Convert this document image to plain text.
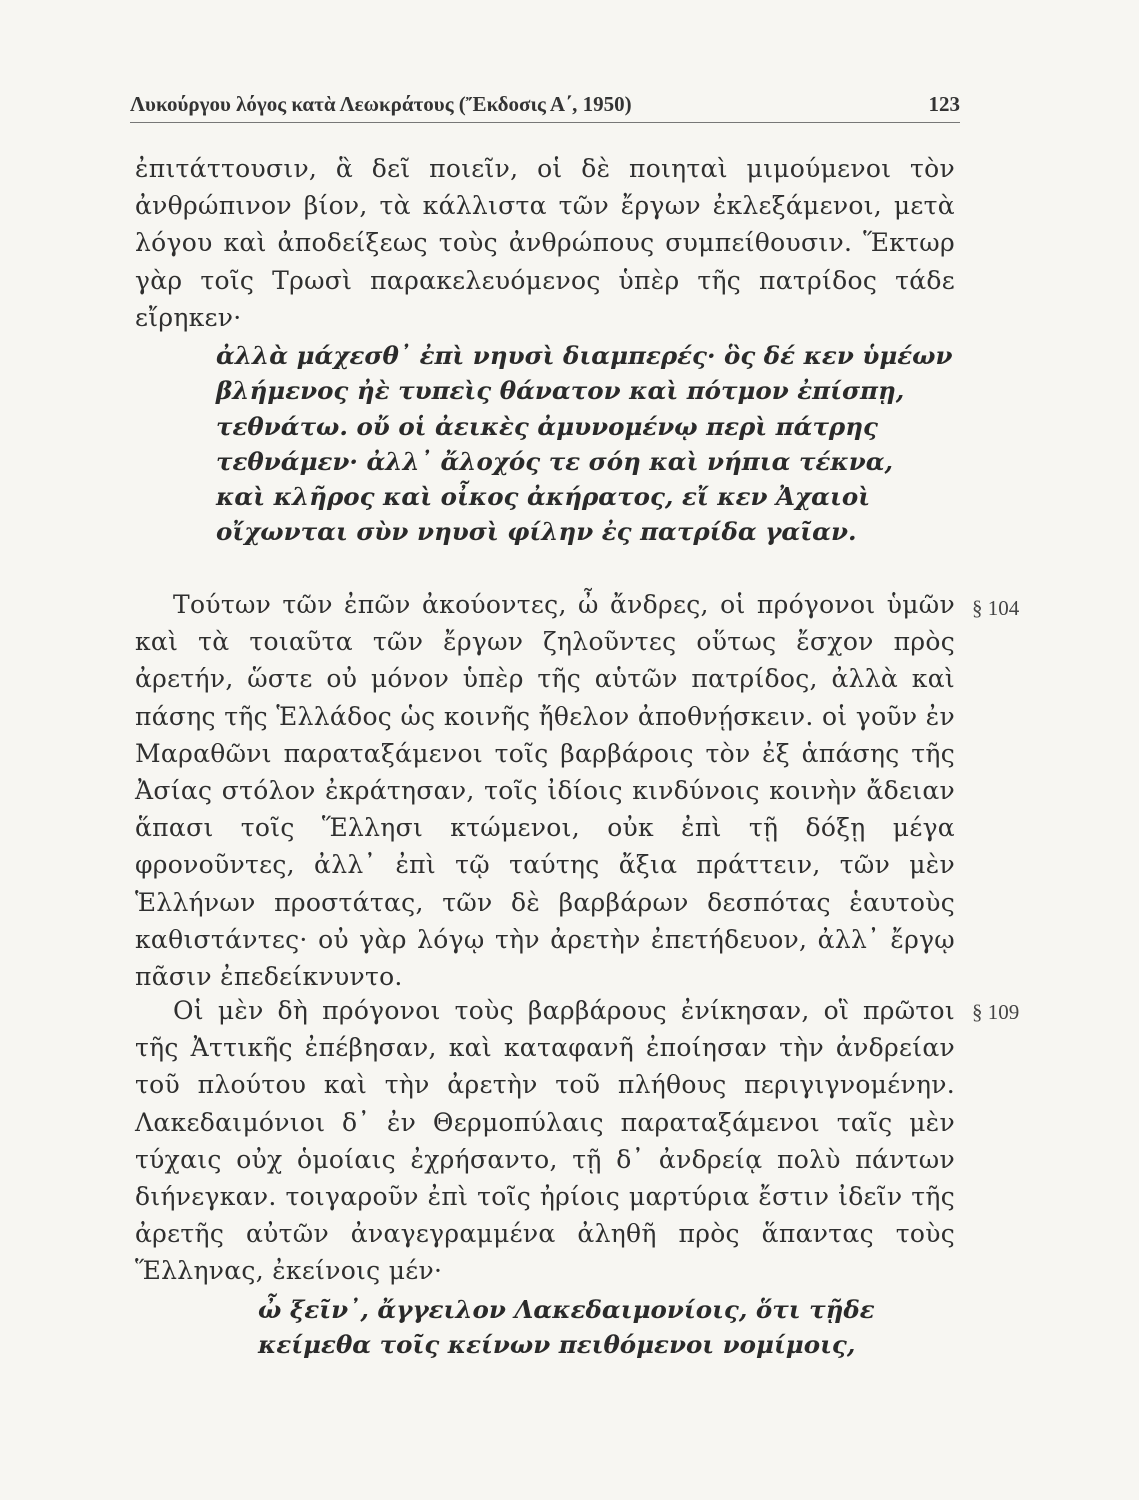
Λυκούργου λόγος κατὰ Λεωκράτους (Ἔκδοσις Α΄, 1950)	123
ἐπιτάττουσιν, ἃ δεῖ ποιεῖν, οἱ δὲ ποιηταὶ μιμούμενοι τὸν ἀνθρώπινον βίον, τὰ κάλλιστα τῶν ἔργων ἐκλεξάμενοι, μετὰ λόγου καὶ ἀποδείξεως τοὺς ἀνθρώπους συμπείθουσιν. Ἕκτωρ γὰρ τοῖς Τρωσὶ παρακελευόμενος ὑπὲρ τῆς πατρίδος τάδε εἴρηκεν·
ἀλλὰ μάχεσθ᾽ ἐπὶ νηυσὶ διαμπερές· ὃς δέ κεν ὑμέων
βλήμενος ἠὲ τυπεὶς θάνατον καὶ πότμον ἐπίσπῃ,
τεθνάτω. οὔ οἱ ἀεικὲς ἀμυνομένῳ περὶ πάτρης
τεθνάμεν· ἀλλ᾽ ἄλοχός τε σόη καὶ νήπια τέκνα,
καὶ κλῆρος καὶ οἶκος ἀκήρατος, εἴ κεν Ἀχαιοὶ
οἴχωνται σὺν νηυσὶ φίλην ἐς πατρίδα γαῖαν.
Τούτων τῶν ἐπῶν ἀκούοντες, ὦ ἄνδρες, οἱ πρόγονοι ὑμῶν καὶ τὰ τοιαῦτα τῶν ἔργων ζηλοῦντες οὕτως ἔσχον πρὸς ἀρετήν, ὥστε οὐ μόνον ὑπὲρ τῆς αὑτῶν πατρίδος, ἀλλὰ καὶ πάσης τῆς Ἑλλάδος ὡς κοινῆς ἤθελον ἀποθνῄσκειν. οἱ γοῦν ἐν Μαραθῶνι παραταξάμενοι τοῖς βαρβάροις τὸν ἐξ ἁπάσης τῆς Ἀσίας στόλον ἐκράτησαν, τοῖς ἰδίοις κινδύνοις κοινὴν ἄδειαν ἅπασι τοῖς Ἕλλησι κτώμενοι, οὐκ ἐπὶ τῇ δόξῃ μέγα φρονοῦντες, ἀλλ᾽ ἐπὶ τῷ ταύτης ἄξια πράττειν, τῶν μὲν Ἑλλήνων προστάτας, τῶν δὲ βαρβάρων δεσπότας ἑαυτοὺς καθιστάντες· οὐ γὰρ λόγῳ τὴν ἀρετὴν ἐπετήδευον, ἀλλ᾽ ἔργῳ πᾶσιν ἐπεδείκνυντο.
§ 104
Οἱ μὲν δὴ πρόγονοι τοὺς βαρβάρους ἐνίκησαν, οἳ πρῶτοι τῆς Ἀττικῆς ἐπέβησαν, καὶ καταφανῆ ἐποίησαν τὴν ἀνδρείαν τοῦ πλούτου καὶ τὴν ἀρετὴν τοῦ πλήθους περιγιγνομένην. Λακεδαιμόνιοι δ᾽ ἐν Θερμοπύλαις παραταξάμενοι ταῖς μὲν τύχαις οὐχ ὁμοίαις ἐχρήσαντο, τῇ δ᾽ ἀνδρείᾳ πολὺ πάντων διήνεγκαν. τοιγαροῦν ἐπὶ τοῖς ἠρίοις μαρτύρια ἔστιν ἰδεῖν τῆς ἀρετῆς αὐτῶν ἀναγεγραμμένα ἀληθῆ πρὸς ἅπαντας τοὺς Ἕλληνας, ἐκείνοις μέν·
§ 109
ὦ ξεῖν᾽, ἄγγειλον Λακεδαιμονίοις, ὅτι τῇδε
κείμεθα τοῖς κείνων πειθόμενοι νομίμοις,
